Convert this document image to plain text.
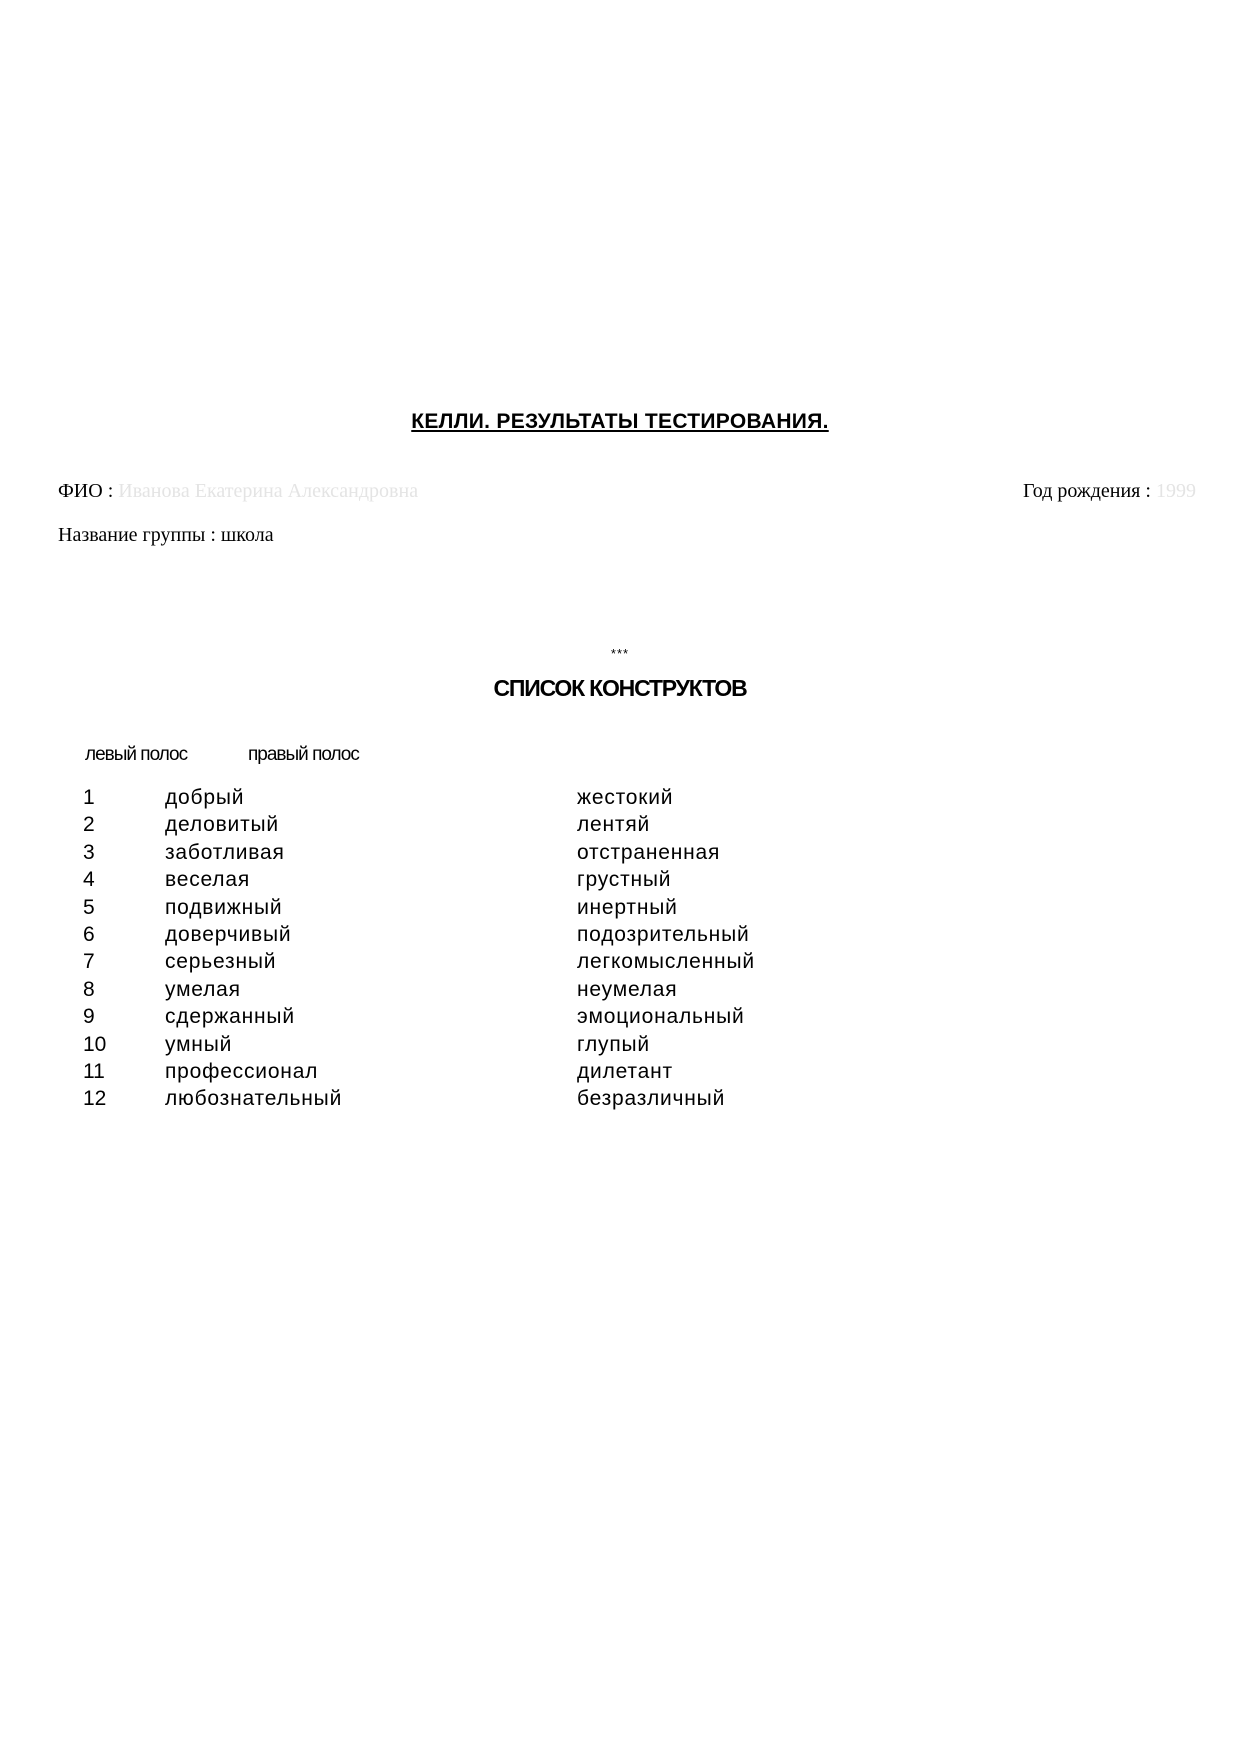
КЕЛЛИ. РЕЗУЛЬТАТЫ ТЕСТИРОВАНИЯ.
ФИО : Ивановa Екатерина Александровна	Год рождения : 1999
Название группы : школа
***
СПИСОК КОНСТРУКТОВ
левый полос	правый полос
1	добрый	жестокий
2	деловитый	лентяй
3	заботливая	отстраненная
4	веселая	грустный
5	подвижный	инертный
6	доверчивый	подозрительный
7	серьезный	легкомысленный
8	умелая	неумелая
9	сдержанный	эмоциональный
10	умный	глупый
11	профессионал	дилетант
12	любознательный	безразличный
